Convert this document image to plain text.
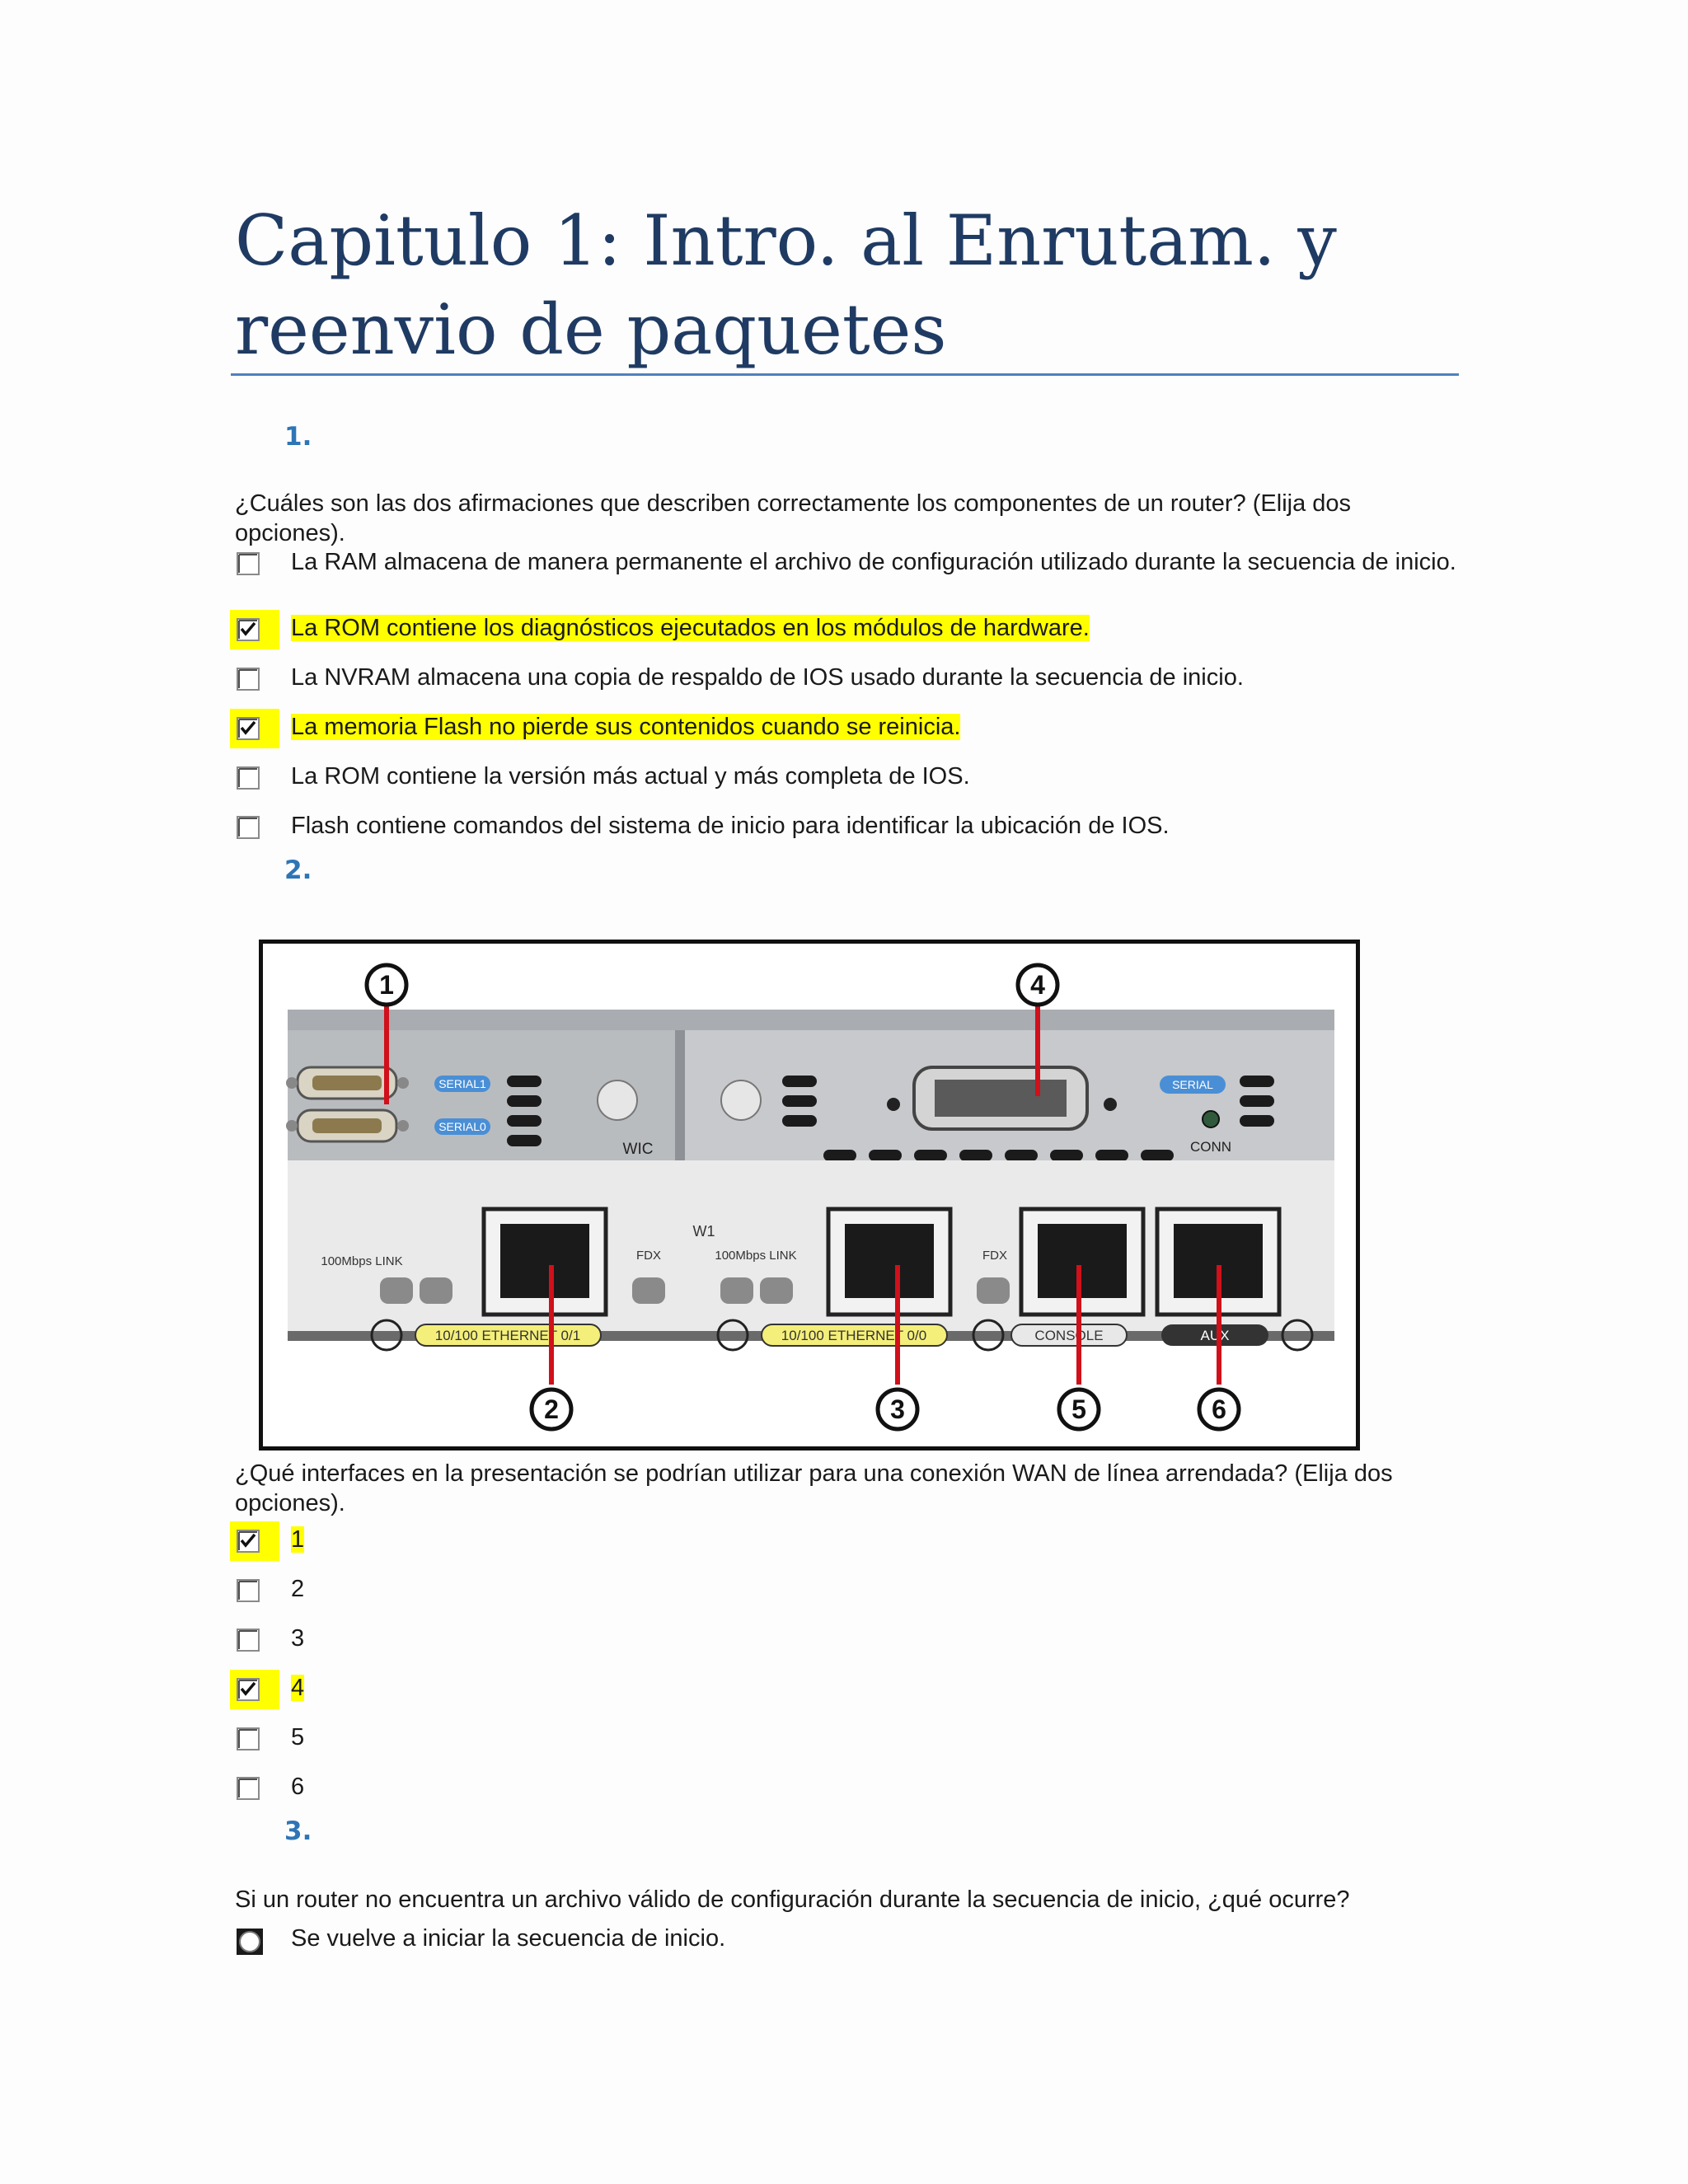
Capitulo 1: Intro. al Enrutam. y reenvio de paquetes
1.
¿Cuáles son las dos afirmaciones que describen correctamente los componentes de un router? (Elija dos opciones).
La RAM almacena de manera permanente el archivo de configuración utilizado durante la secuencia de inicio.
La ROM contiene los diagnósticos ejecutados en los módulos de hardware.
La NVRAM almacena una copia de respaldo de IOS usado durante la secuencia de inicio.
La memoria Flash no pierde sus contenidos cuando se reinicia.
La ROM contiene la versión más actual y más completa de IOS.
Flash contiene comandos del sistema de inicio para identificar la ubicación de IOS.
2.
SERIAL1
SERIAL0
WIC
SERIAL
CONN
W1
100Mbps LINK	FDX	100Mbps LINK	FDX
10/100 ETHERNET 0/1	10/100 ETHERNET 0/0	CONSOLE	AUX
1	4
2	3	5	6
¿Qué interfaces en la presentación se podrían utilizar para una conexión WAN de línea arrendada? (Elija dos opciones).
1
2
3
4
5
6
3.
Si un router no encuentra un archivo válido de configuración durante la secuencia de inicio, ¿qué ocurre?
Se vuelve a iniciar la secuencia de inicio.
